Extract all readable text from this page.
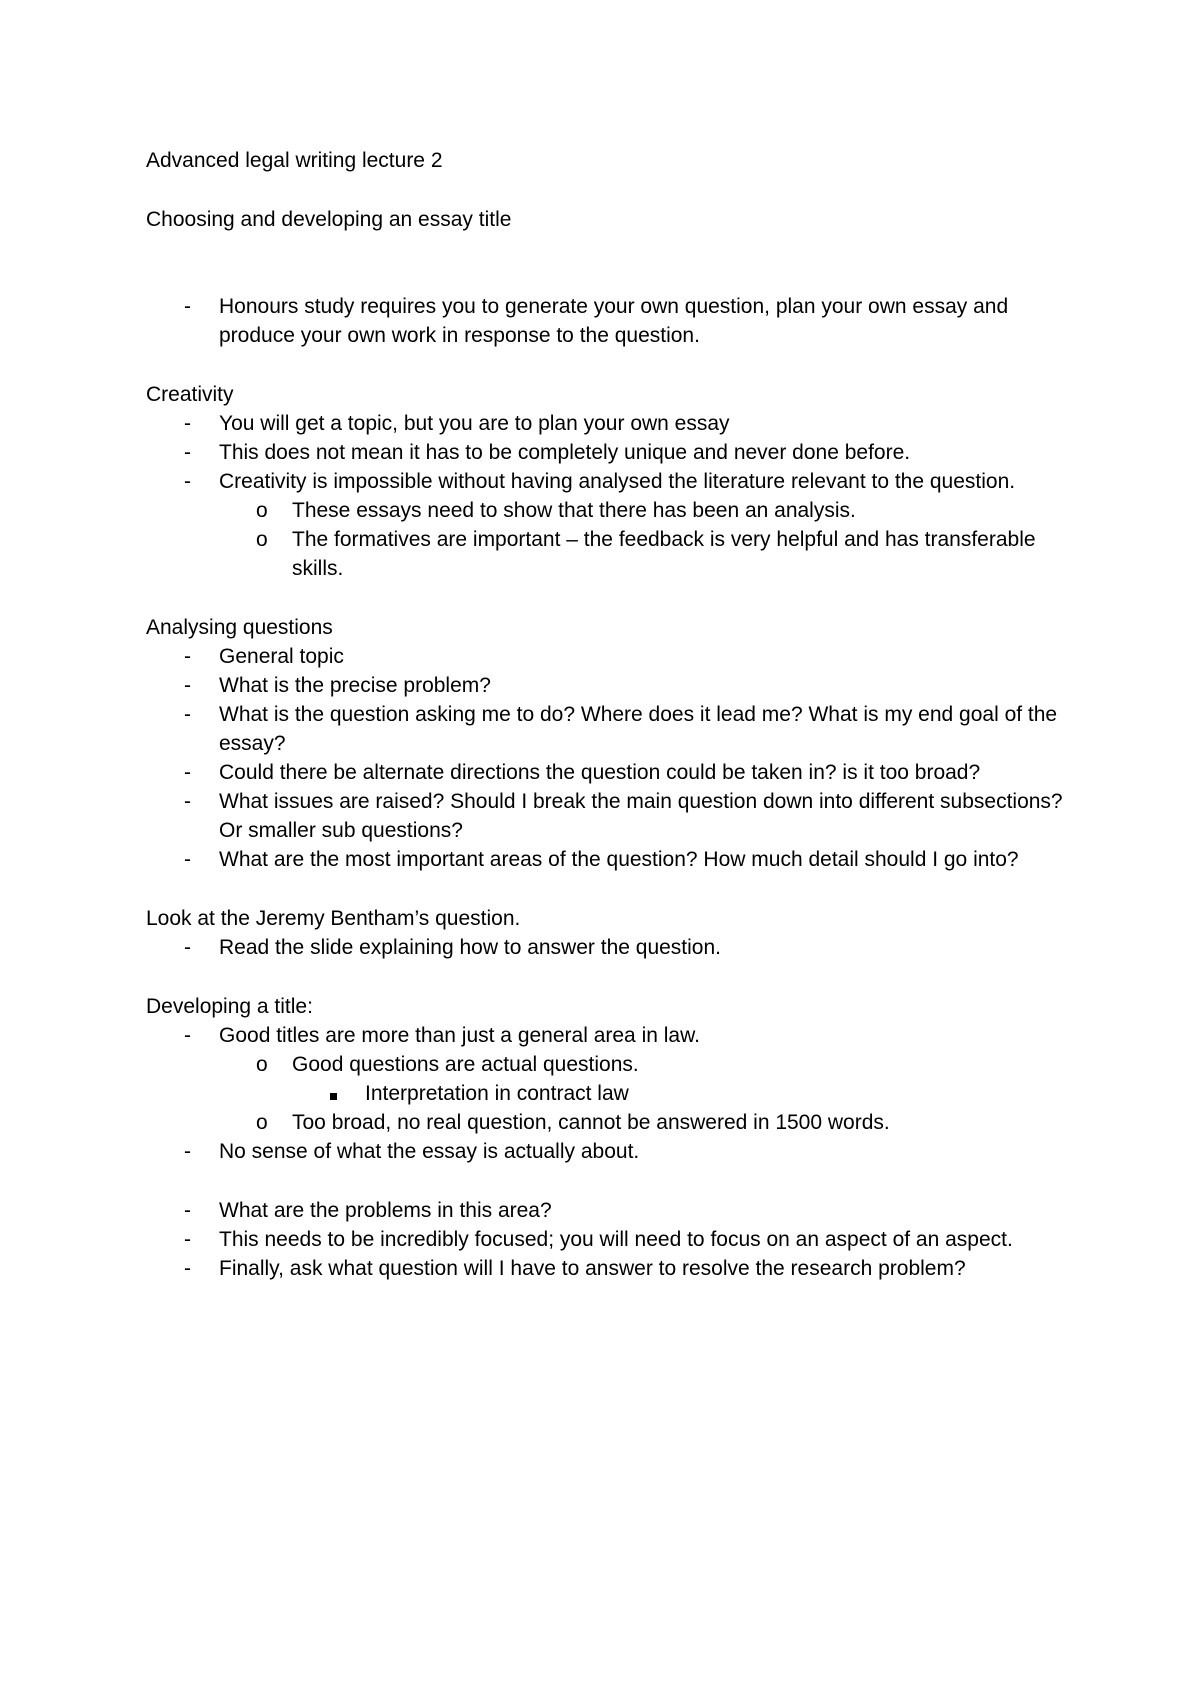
Advanced legal writing lecture 2

Choosing and developing an essay title

- Honours study requires you to generate your own question, plan your own essay and produce your own work in response to the question.

Creativity

- You will get a topic, but you are to plan your own essay
- This does not mean it has to be completely unique and never done before.
- Creativity is impossible without having analysed the literature relevant to the question.
o These essays need to show that there has been an analysis.
o The formatives are important – the feedback is very helpful and has transferable skills.

Analysing questions

- General topic
- What is the precise problem?
- What is the question asking me to do? Where does it lead me? What is my end goal of the essay?
- Could there be alternate directions the question could be taken in? is it too broad?
- What issues are raised? Should I break the main question down into different subsections? Or smaller sub questions?
- What are the most important areas of the question? How much detail should I go into?

Look at the Jeremy Bentham’s question.

- Read the slide explaining how to answer the question.

Developing a title:

- Good titles are more than just a general area in law.
o Good questions are actual questions.
Interpretation in contract law
o Too broad, no real question, cannot be answered in 1500 words.
- No sense of what the essay is actually about.
- What are the problems in this area?
- This needs to be incredibly focused; you will need to focus on an aspect of an aspect.
- Finally, ask what question will I have to answer to resolve the research problem?
